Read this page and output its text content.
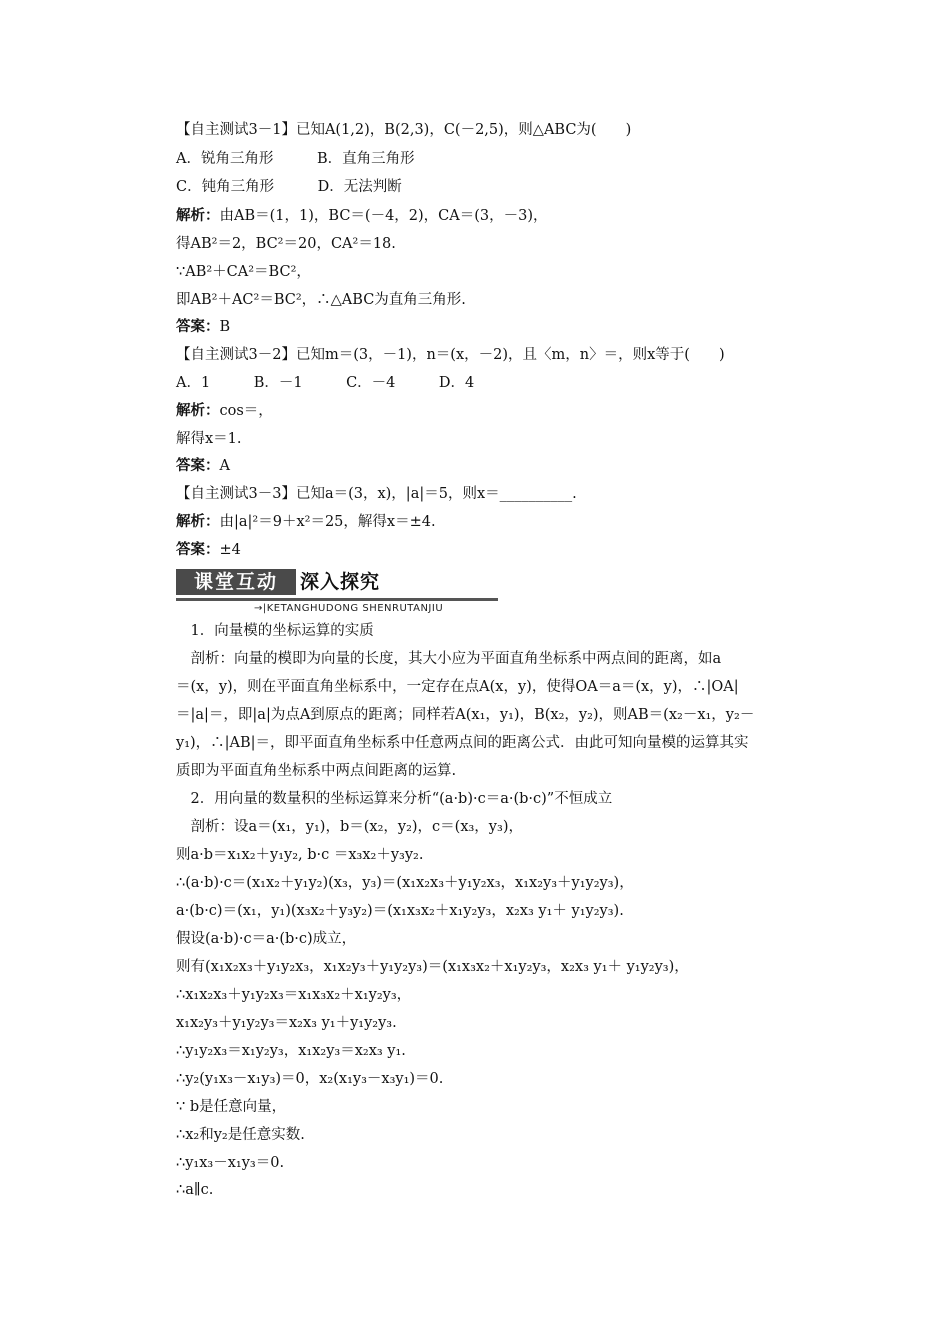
【自主测试3－1】已知A(1,2)，B(2,3)，C(－2,5)，则△ABC为(　　)
A．锐角三角形　　　B．直角三角形
C．钝角三角形　　　D．无法判断
解析：由AB＝(1，1)，BC＝(－4，2)，CA＝(3，－3)，
得AB²＝2，BC²＝20，CA²＝18.
∵AB²＋CA²＝BC²，
即AB²＋AC²＝BC²，∴△ABC为直角三角形.
答案：B
【自主测试3－2】已知m＝(3，－1)，n＝(x，－2)，且〈m，n〉＝，则x等于(　　)
A．1　　　B．－1　　　C．－4　　　D．4
解析：cos＝，
解得x＝1.
答案：A
【自主测试3－3】已知a＝(3，x)，|a|＝5，则x＝__________.
解析：由|a|²＝9＋x²＝25，解得x＝±4.
答案：±4
　1．向量模的坐标运算的实质
　剖析：向量的模即为向量的长度，其大小应为平面直角坐标系中两点间的距离，如a
＝(x，y)，则在平面直角坐标系中，一定存在点A(x，y)，使得OA＝a＝(x，y)，∴|OA|
＝|a|＝，即|a|为点A到原点的距离；同样若A(x₁，y₁)，B(x₂，y₂)，则AB＝(x₂－x₁，y₂－
y₁)，∴|AB|＝，即平面直角坐标系中任意两点间的距离公式．由此可知向量模的运算其实
质即为平面直角坐标系中两点间距离的运算.
　2．用向量的数量积的坐标运算来分析“(a·b)·c＝a·(b·c)”不恒成立
　剖析：设a＝(x₁，y₁)，b＝(x₂，y₂)，c＝(x₃，y₃)，
则a·b＝x₁x₂＋y₁y₂, b·c ＝x₃x₂＋y₃y₂.
∴(a·b)·c＝(x₁x₂＋y₁y₂)(x₃，y₃)＝(x₁x₂x₃＋y₁y₂x₃，x₁x₂y₃＋y₁y₂y₃)，
a·(b·c)＝(x₁，y₁)(x₃x₂＋y₃y₂)＝(x₁x₃x₂＋x₁y₂y₃，x₂x₃ y₁＋ y₁y₂y₃).
假设(a·b)·c＝a·(b·c)成立，
则有(x₁x₂x₃＋y₁y₂x₃，x₁x₂y₃＋y₁y₂y₃)＝(x₁x₃x₂＋x₁y₂y₃，x₂x₃ y₁＋ y₁y₂y₃)，
∴x₁x₂x₃＋y₁y₂x₃＝x₁x₃x₂＋x₁y₂y₃，
x₁x₂y₃＋y₁y₂y₃＝x₂x₃ y₁＋y₁y₂y₃.
∴y₁y₂x₃＝x₁y₂y₃，x₁x₂y₃＝x₂x₃ y₁.
∴y₂(y₁x₃－x₁y₃)＝0，x₂(x₁y₃－x₃y₁)＝0.
∵ b是任意向量，
∴x₂和y₂是任意实数.
∴y₁x₃－x₁y₃＝0.
∴a∥c.
课堂互动	深入探究
→|KETANGHUDONG SHENRUTANJIU
